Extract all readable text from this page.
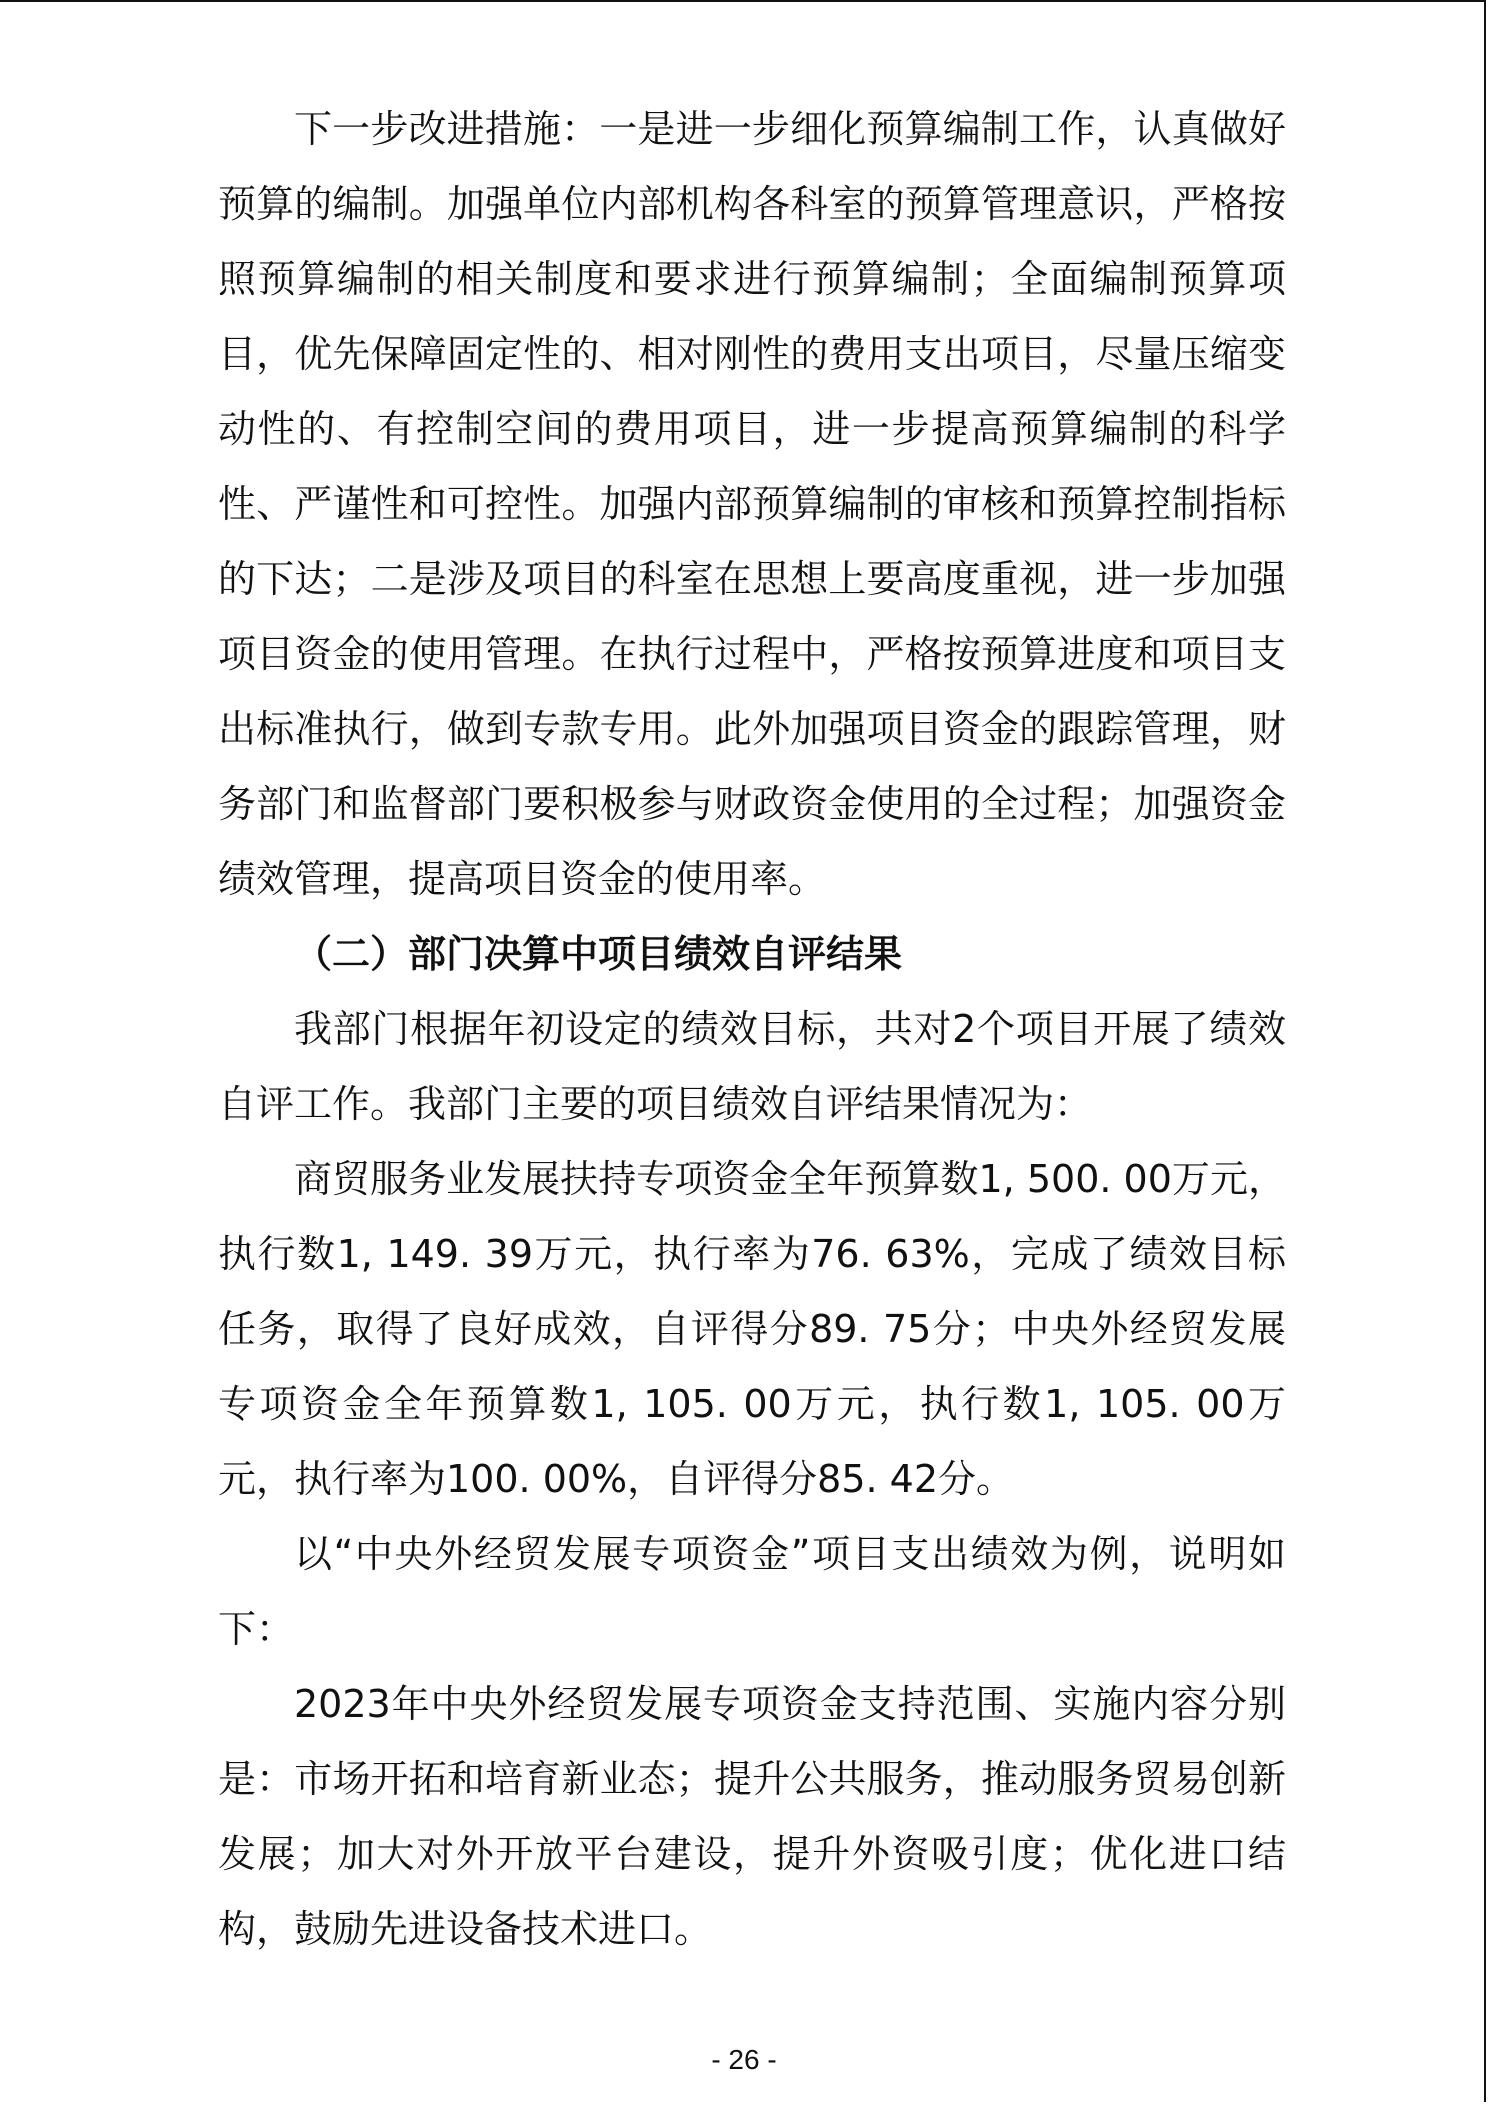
下一步改进措施：一是进一步细化预算编制工作，认真做好预算的编制。加强单位内部机构各科室的预算管理意识，严格按照预算编制的相关制度和要求进行预算编制；全面编制预算项目，优先保障固定性的、相对刚性的费用支出项目，尽量压缩变动性的、有控制空间的费用项目，进一步提高预算编制的科学性、严谨性和可控性。加强内部预算编制的审核和预算控制指标的下达；二是涉及项目的科室在思想上要高度重视，进一步加强项目资金的使用管理。在执行过程中，严格按预算进度和项目支出标准执行，做到专款专用。此外加强项目资金的跟踪管理，财务部门和监督部门要积极参与财政资金使用的全过程；加强资金绩效管理，提高项目资金的使用率。

（二）部门决算中项目绩效自评结果

我部门根据年初设定的绩效目标，共对2个项目开展了绩效自评工作。我部门主要的项目绩效自评结果情况为：

商贸服务业发展扶持专项资金全年预算数1, 500. 00万元，执行数1, 149. 39万元，执行率为76. 63%，完成了绩效目标任务，取得了良好成效，自评得分89. 75分；中央外经贸发展专项资金全年预算数1, 105. 00万元，执行数1, 105. 00万元，执行率为100. 00%，自评得分85. 42分。

以“中央外经贸发展专项资金”项目支出绩效为例，说明如下：

2023年中央外经贸发展专项资金支持范围、实施内容分别是：市场开拓和培育新业态；提升公共服务，推动服务贸易创新发展；加大对外开放平台建设，提升外资吸引度；优化进口结构，鼓励先进设备技术进口。

- 26 -
